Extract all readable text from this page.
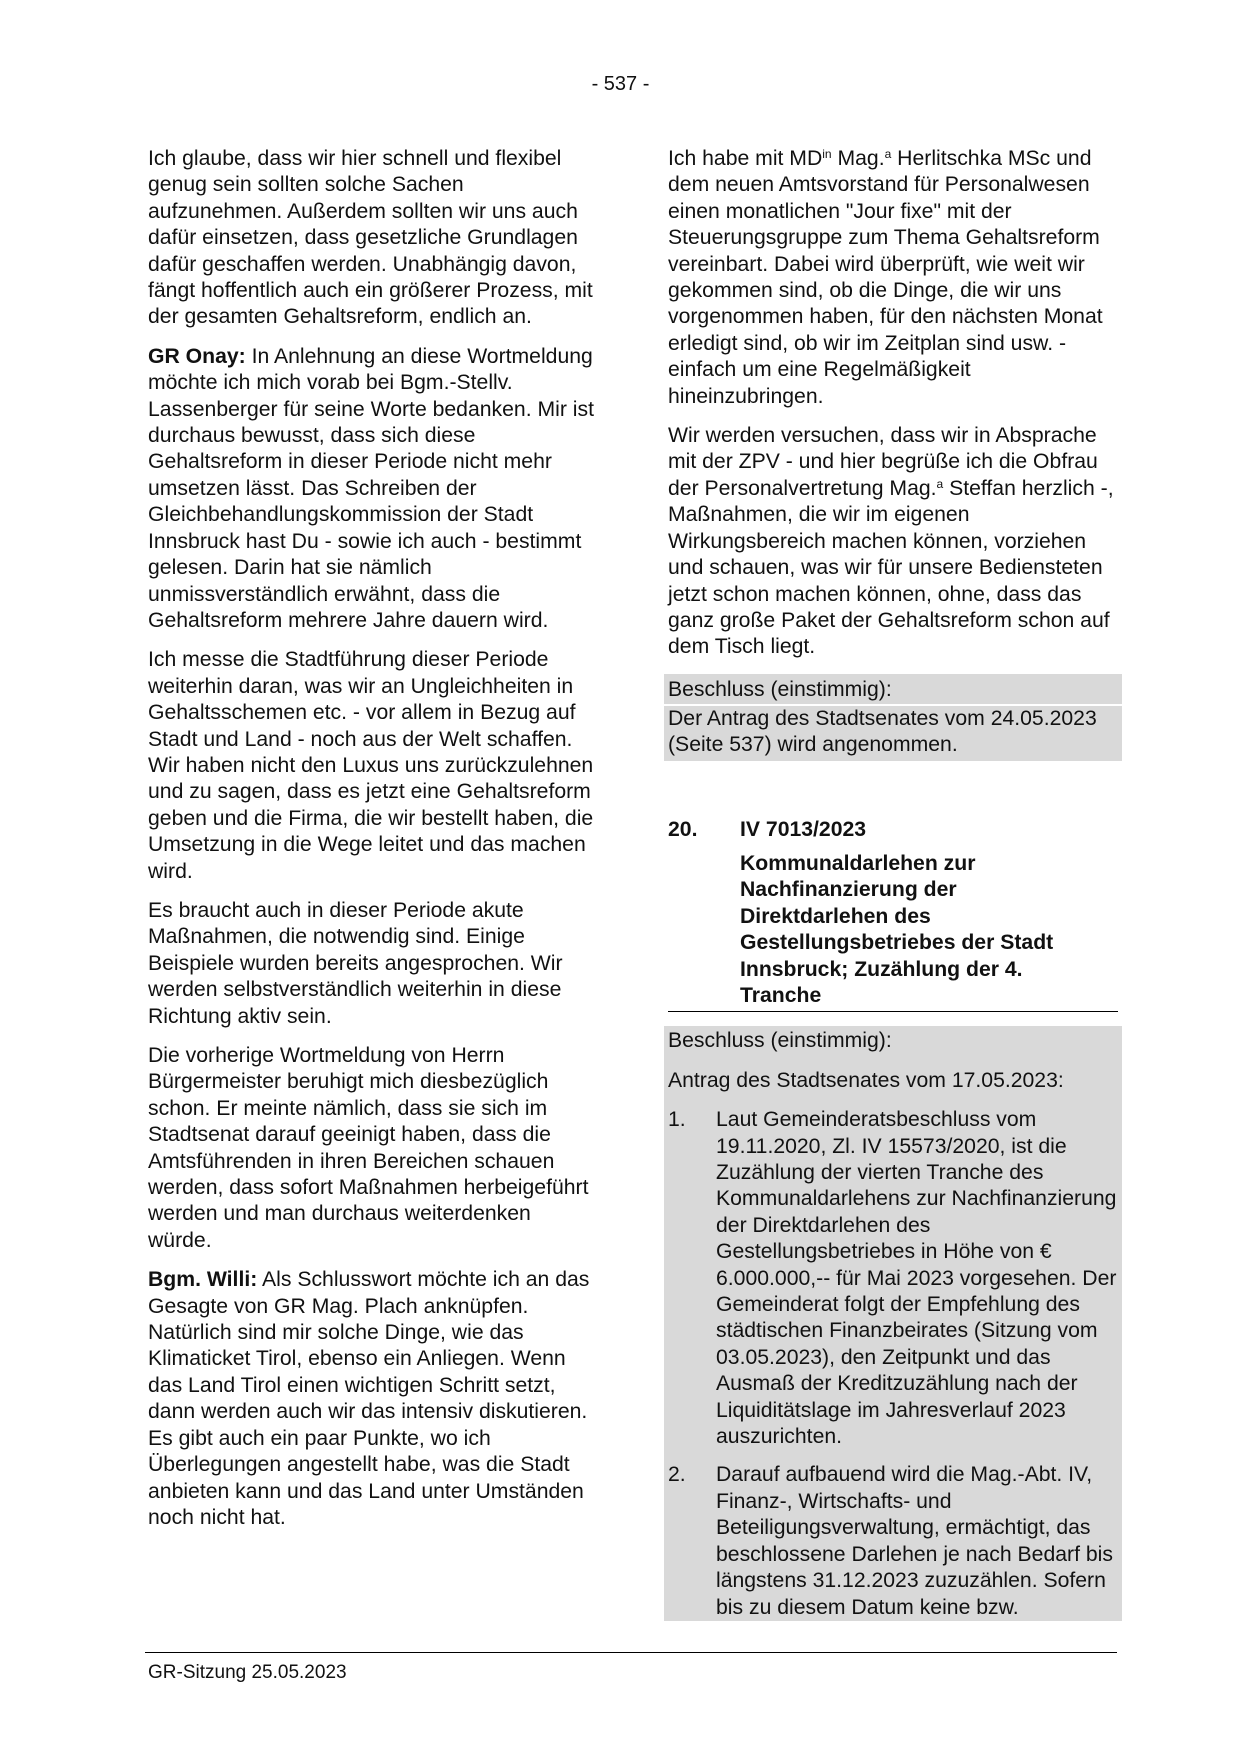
- 537 -

Ich glaube, dass wir hier schnell und flexibel genug sein sollten solche Sachen aufzunehmen. Außerdem sollten wir uns auch dafür einsetzen, dass gesetzliche Grundlagen dafür geschaffen werden. Unabhängig davon, fängt hoffentlich auch ein größerer Prozess, mit der gesamten Gehaltsreform, endlich an.

GR Onay: In Anlehnung an diese Wortmeldung möchte ich mich vorab bei Bgm.-Stellv. Lassenberger für seine Worte bedanken. Mir ist durchaus bewusst, dass sich diese Gehaltsreform in dieser Periode nicht mehr umsetzen lässt. Das Schreiben der Gleichbehandlungskommission der Stadt Innsbruck hast Du - sowie ich auch - bestimmt gelesen. Darin hat sie nämlich unmissverständlich erwähnt, dass die Gehaltsreform mehrere Jahre dauern wird.

Ich messe die Stadtführung dieser Periode weiterhin daran, was wir an Ungleichheiten in Gehaltsschemen etc. - vor allem in Bezug auf Stadt und Land - noch aus der Welt schaffen. Wir haben nicht den Luxus uns zurückzulehnen und zu sagen, dass es jetzt eine Gehaltsreform geben und die Firma, die wir bestellt haben, die Umsetzung in die Wege leitet und das machen wird.

Es braucht auch in dieser Periode akute Maßnahmen, die notwendig sind. Einige Beispiele wurden bereits angesprochen. Wir werden selbstverständlich weiterhin in diese Richtung aktiv sein.

Die vorherige Wortmeldung von Herrn Bürgermeister beruhigt mich diesbezüglich schon. Er meinte nämlich, dass sie sich im Stadtsenat darauf geeinigt haben, dass die Amtsführenden in ihren Bereichen schauen werden, dass sofort Maßnahmen herbeigeführt werden und man durchaus weiterdenken würde.

Bgm. Willi: Als Schlusswort möchte ich an das Gesagte von GR Mag. Plach anknüpfen. Natürlich sind mir solche Dinge, wie das Klimaticket Tirol, ebenso ein Anliegen. Wenn das Land Tirol einen wichtigen Schritt setzt, dann werden auch wir das intensiv diskutieren. Es gibt auch ein paar Punkte, wo ich Überlegungen angestellt habe, was die Stadt anbieten kann und das Land unter Umständen noch nicht hat.

Ich habe mit $MD^{in}$ Mag.$^a$ Herlitschka MSc und dem neuen Amtsvorstand für Personalwesen einen monatlichen "Jour fixe" mit der Steuerungsgruppe zum Thema Gehaltsreform vereinbart. Dabei wird überprüft, wie weit wir gekommen sind, ob die Dinge, die wir uns vorgenommen haben, für den nächsten Monat erledigt sind, ob wir im Zeitplan sind usw. - einfach um eine Regelmäßigkeit hineinzubringen.

Wir werden versuchen, dass wir in Absprache mit der ZPV - und hier begrüße ich die Obfrau der Personalvertretung Mag.$^a$ Steffan herzlich -, Maßnahmen, die wir im eigenen Wirkungsbereich machen können, vorziehen und schauen, was wir für unsere Bediensteten jetzt schon machen können, ohne, dass das ganz große Paket der Gehaltsreform schon auf dem Tisch liegt.

Beschluss (einstimmig):
Der Antrag des Stadtsenates vom 24.05.2023 (Seite 537) wird angenommen.
20.	IV 7013/2023
Kommunaldarlehen zur Nachfinanzierung der Direktdarlehen des Gestellungsbetriebes der Stadt Innsbruck; Zuzählung der 4. Tranche

Beschluss (einstimmig):

Antrag des Stadtsenates vom 17.05.2023:

1.	Laut Gemeinderatsbeschluss vom 19.11.2020, Zl. IV 15573/2020, ist die Zuzählung der vierten Tranche des Kommunaldarlehens zur Nachfinanzierung der Direktdarlehen des Gestellungsbetriebes in Höhe von € 6.000.000,-- für Mai 2023 vorgesehen. Der Gemeinderat folgt der Empfehlung des städtischen Finanzbeirates (Sitzung vom 03.05.2023), den Zeitpunkt und das Ausmaß der Kreditzuzählung nach der Liquiditätslage im Jahresverlauf 2023 auszurichten.
2.	Darauf aufbauend wird die Mag.-Abt. IV, Finanz-, Wirtschafts- und Beteiligungsverwaltung, ermächtigt, das beschlossene Darlehen je nach Bedarf bis längstens 31.12.2023 zuzuzählen. Sofern bis zu diesem Datum keine bzw.
GR-Sitzung 25.05.2023
